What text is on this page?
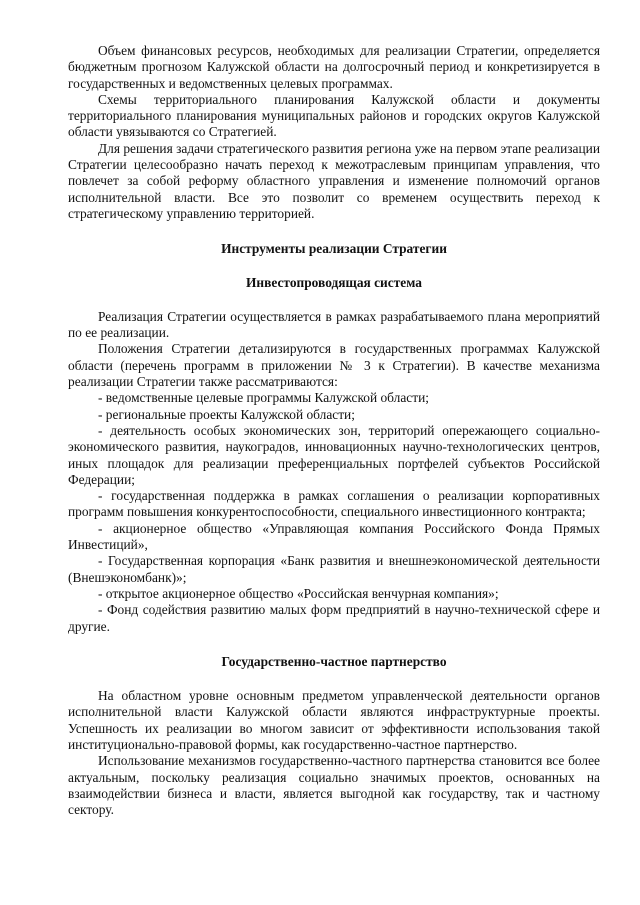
Объем финансовых ресурсов, необходимых для реализации Стратегии, определяется бюджетным прогнозом Калужской области на долгосрочный период и конкретизируется в государственных и ведомственных целевых программах.

Схемы территориального планирования Калужской области и документы территориального планирования муниципальных районов и городских округов Калужской области увязываются со Стратегией.

Для решения задачи стратегического развития региона уже на первом этапе реализации Стратегии целесообразно начать переход к межотраслевым принципам управления, что повлечет за собой реформу областного управления и изменение полномочий органов исполнительной власти. Все это позволит со временем осуществить переход к стратегическому управлению территорией.

Инструменты реализации Стратегии

Инвестопроводящая система

Реализация Стратегии осуществляется в рамках разрабатываемого плана мероприятий по ее реализации.

Положения Стратегии детализируются в государственных программах Калужской области (перечень программ в приложении № 3 к Стратегии). В качестве механизма реализации Стратегии также рассматриваются:

- ведомственные целевые программы Калужской области;

- региональные проекты Калужской области;

- деятельность особых экономических зон, территорий опережающего социально-экономического развития, наукоградов, инновационных научно-технологических центров, иных площадок для реализации преференциальных портфелей субъектов Российской Федерации;

- государственная поддержка в рамках соглашения о реализации корпоративных программ повышения конкурентоспособности, специального инвестиционного контракта;

- акционерное общество «Управляющая компания Российского Фонда Прямых Инвестиций»,

- Государственная корпорация «Банк развития и внешнеэкономической деятельности (Внешэкономбанк)»;

- открытое акционерное общество «Российская венчурная компания»;

- Фонд содействия развитию малых форм предприятий в научно-технической сфере и другие.

Государственно-частное партнерство

На областном уровне основным предметом управленческой деятельности органов исполнительной власти Калужской области являются инфраструктурные проекты. Успешность их реализации во многом зависит от эффективности использования такой институционально-правовой формы, как государственно-частное партнерство.

Использование механизмов государственно-частного партнерства становится все более актуальным, поскольку реализация социально значимых проектов, основанных на взаимодействии бизнеса и власти, является выгодной как государству, так и частному сектору.
